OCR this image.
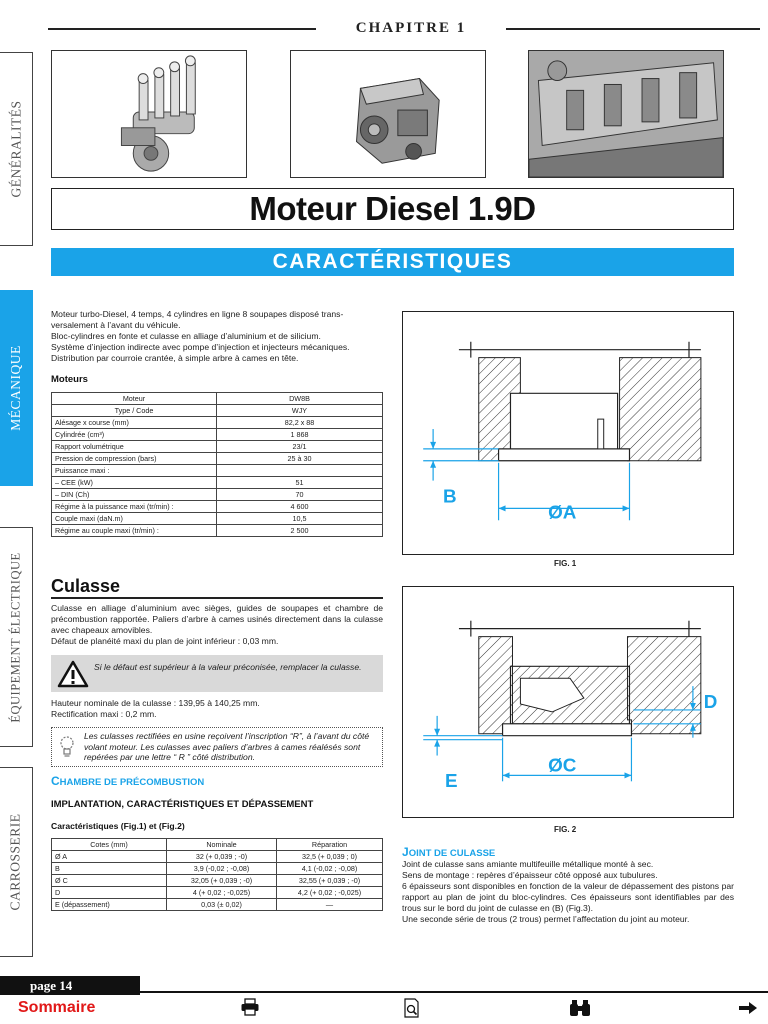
CHAPITRE 1
GÉNÉRALITÉS
MÉCANIQUE
ÉQUIPEMENT ÉLECTRIQUE
CARROSSERIE
Moteur Diesel 1.9D
CARACTÉRISTIQUES

Moteur turbo-Diesel, 4 temps, 4 cylindres en ligne 8 soupapes disposé trans-

versalement à l’avant du véhicule.

Bloc-cylindres en fonte et culasse en alliage d’aluminium et de silicium.

Système d’injection indirecte avec pompe d’injection et injecteurs mécaniques.

Distribution par courroie crantée, à simple arbre à cames en tête.

Moteurs
Moteur	DW8B
Type / Code	WJY
Alésage x course (mm)	82,2 x 88
Cylindrée (cm³)	1 868
Rapport volumétrique	23/1
Pression de compression (bars)	25 à 30
Puissance maxi :	
– CEE (kW)	51
– DIN (Ch)	70
Régime à la puissance maxi (tr/min) :	4 600
Couple maxi (daN.m)	10,5
Régime au couple maxi (tr/min) :	2 500
Culasse

Culasse en alliage d’aluminium avec sièges, guides de soupapes et chambre de précombustion rapportée. Paliers d’arbre à cames usinés directement dans la culasse avec chapeaux amovibles.

Défaut de planéité maxi du plan de joint inférieur : 0,03 mm.

Si le défaut est supérieur à la valeur préconisée, remplacer la culasse.

Hauteur nominale de la culasse : 139,95 à 140,25 mm.

Rectification maxi : 0,2 mm.

Les culasses rectifiées en usine reçoivent l’inscription “R”, à l’avant du côté volant moteur. Les culasses avec paliers d’arbres à cames réalésés sont repérées par une lettre “ R ” côté distribution.
CHAMBRE DE PRÉCOMBUSTION
IMPLANTATION, CARACTÉRISTIQUES ET DÉPASSEMENT
Caractéristiques (Fig.1) et (Fig.2)
Cotes (mm)	Nominale	Réparation
Ø A	32 (+ 0,039 ; -0)	32,5 (+ 0,039 ; 0)
B	3,9 (-0,02 ; -0,08)	4,1 (-0,02 ; -0,08)
Ø C	32,05 (+ 0,039 ; -0)	32,55 (+ 0,039 ; -0)
D	4 (+ 0,02 ; -0,025)	4,2 (+ 0,02 ; -0,025)
E (dépassement)	0,03 (± 0,02)	—
B
ØA
FIG. 1
D
E
ØC
FIG. 2
JOINT DE CULASSE

Joint de culasse sans amiante multifeuille métallique monté à sec.

Sens de montage : repères d’épaisseur côté opposé aux tubulures.

6 épaisseurs sont disponibles en fonction de la valeur de dépassement des pistons par rapport au plan de joint du bloc-cylindres. Ces épaisseurs sont identifiables par des trous sur le bord du joint de culasse en (B) (Fig.3).

Une seconde série de trous (2 trous) permet l’affectation du joint au moteur.

page 14
Sommaire
